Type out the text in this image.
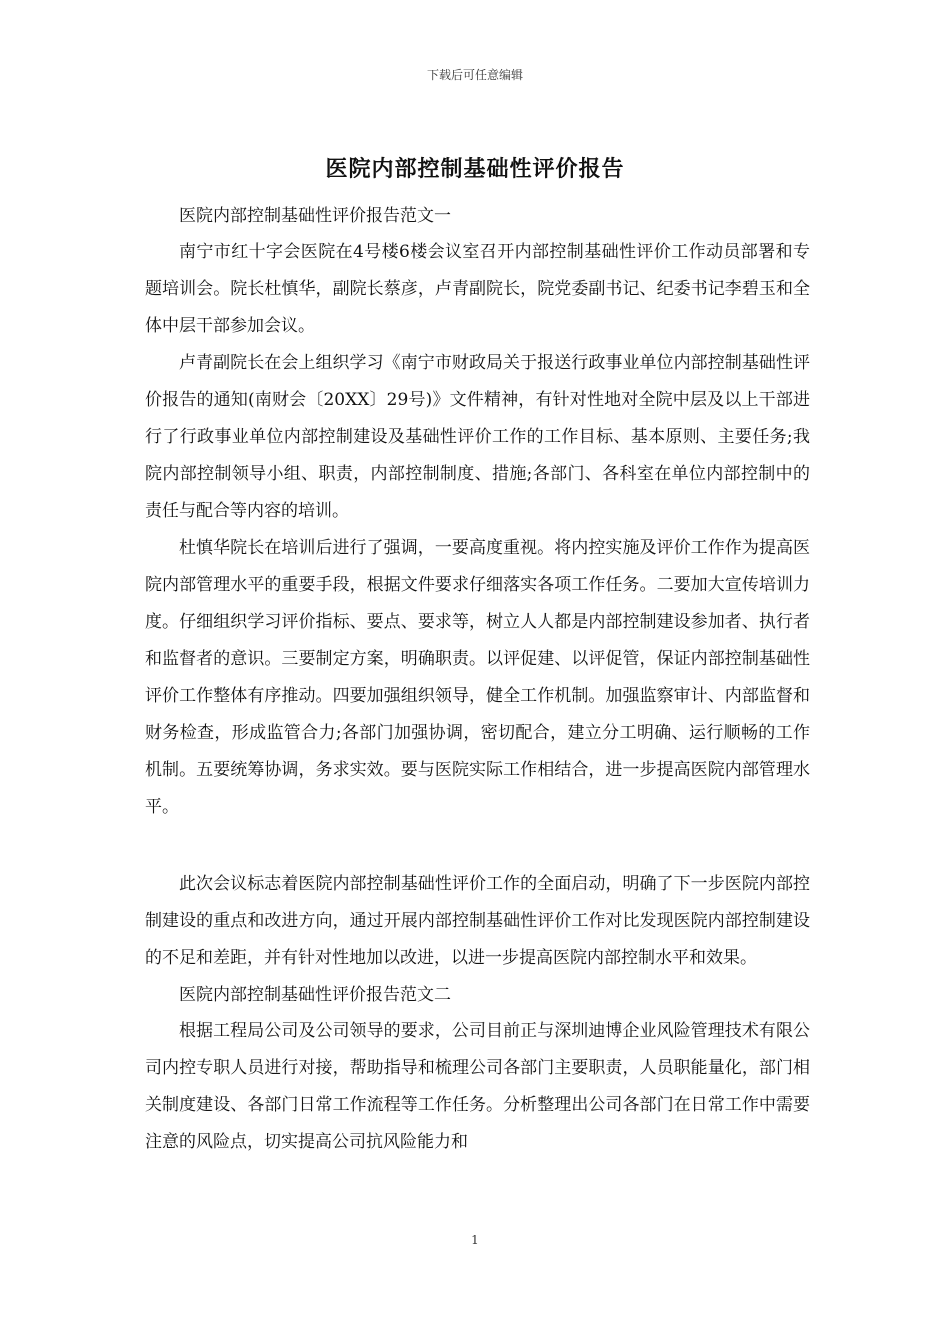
下载后可任意编辑
医院内部控制基础性评价报告

医院内部控制基础性评价报告范文一

南宁市红十字会医院在4号楼6楼会议室召开内部控制基础性评价工作动员部署和专题培训会。院长杜慎华，副院长蔡彦，卢青副院长，院党委副书记、纪委书记李碧玉和全体中层干部参加会议。

卢青副院长在会上组织学习《南宁市财政局关于报送行政事业单位内部控制基础性评价报告的通知(南财会〔20XX〕29号)》文件精神，有针对性地对全院中层及以上干部进行了行政事业单位内部控制建设及基础性评价工作的工作目标、基本原则、主要任务;我院内部控制领导小组、职责，内部控制制度、措施;各部门、各科室在单位内部控制中的责任与配合等内容的培训。

杜慎华院长在培训后进行了强调，一要高度重视。将内控实施及评价工作作为提高医院内部管理水平的重要手段，根据文件要求仔细落实各项工作任务。二要加大宣传培训力度。仔细组织学习评价指标、要点、要求等，树立人人都是内部控制建设参加者、执行者和监督者的意识。三要制定方案，明确职责。以评促建、以评促管，保证内部控制基础性评价工作整体有序推动。四要加强组织领导，健全工作机制。加强监察审计、内部监督和财务检查，形成监管合力;各部门加强协调，密切配合，建立分工明确、运行顺畅的工作机制。五要统筹协调，务求实效。要与医院实际工作相结合，进一步提高医院内部管理水平。

此次会议标志着医院内部控制基础性评价工作的全面启动，明确了下一步医院内部控制建设的重点和改进方向，通过开展内部控制基础性评价工作对比发现医院内部控制建设的不足和差距，并有针对性地加以改进，以进一步提高医院内部控制水平和效果。

医院内部控制基础性评价报告范文二

根据工程局公司及公司领导的要求，公司目前正与深圳迪博企业风险管理技术有限公司内控专职人员进行对接，帮助指导和梳理公司各部门主要职责，人员职能量化，部门相关制度建设、各部门日常工作流程等工作任务。分析整理出公司各部门在日常工作中需要注意的风险点，切实提高公司抗风险能力和

1
